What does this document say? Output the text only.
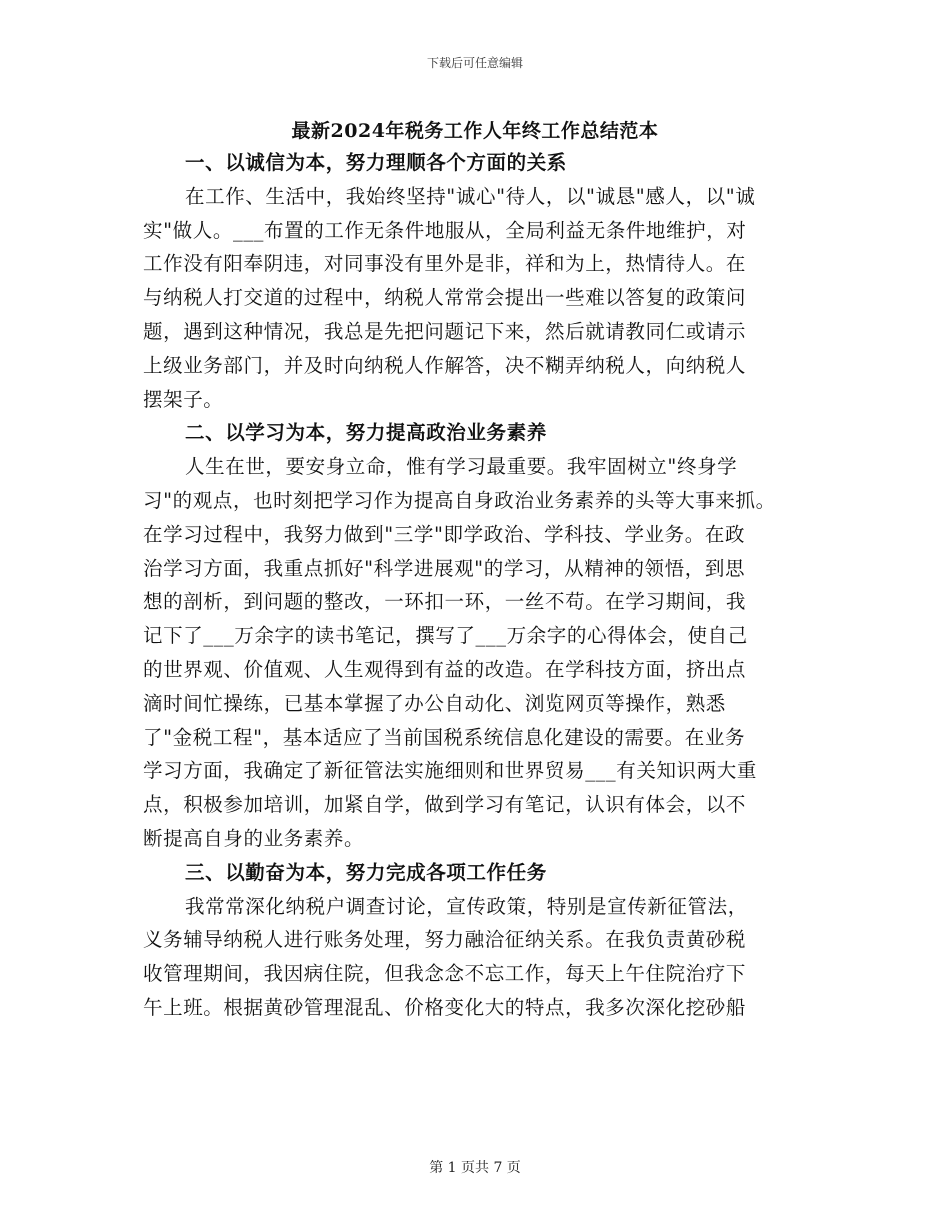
下载后可任意编辑
最新2024年税务工作人年终工作总结范本
一、以诚信为本，努力理顺各个方面的关系
在工作、生活中，我始终坚持"诚心"待人，以"诚恳"感人，以"诚
实"做人。___布置的工作无条件地服从，全局利益无条件地维护，对
工作没有阳奉阴违，对同事没有里外是非，祥和为上，热情待人。在
与纳税人打交道的过程中，纳税人常常会提出一些难以答复的政策问
题，遇到这种情况，我总是先把问题记下来，然后就请教同仁或请示
上级业务部门，并及时向纳税人作解答，决不糊弄纳税人，向纳税人
摆架子。
二、以学习为本，努力提高政治业务素养
人生在世，要安身立命，惟有学习最重要。我牢固树立"终身学
习"的观点，也时刻把学习作为提高自身政治业务素养的头等大事来抓。
在学习过程中，我努力做到"三学"即学政治、学科技、学业务。在政
治学习方面，我重点抓好"科学进展观"的学习，从精神的领悟，到思
想的剖析，到问题的整改，一环扣一环，一丝不苟。在学习期间，我
记下了___万余字的读书笔记，撰写了___万余字的心得体会，使自己
的世界观、价值观、人生观得到有益的改造。在学科技方面，挤出点
滴时间忙操练，已基本掌握了办公自动化、浏览网页等操作，熟悉
了"金税工程"，基本适应了当前国税系统信息化建设的需要。在业务
学习方面，我确定了新征管法实施细则和世界贸易___有关知识两大重
点，积极参加培训，加紧自学，做到学习有笔记，认识有体会，以不
断提高自身的业务素养。
三、以勤奋为本，努力完成各项工作任务
我常常深化纳税户调查讨论，宣传政策，特别是宣传新征管法，
义务辅导纳税人进行账务处理，努力融洽征纳关系。在我负责黄砂税
收管理期间，我因病住院，但我念念不忘工作，每天上午住院治疗下
午上班。根据黄砂管理混乱、价格变化大的特点，我多次深化挖砂船
第 1 页共 7 页
